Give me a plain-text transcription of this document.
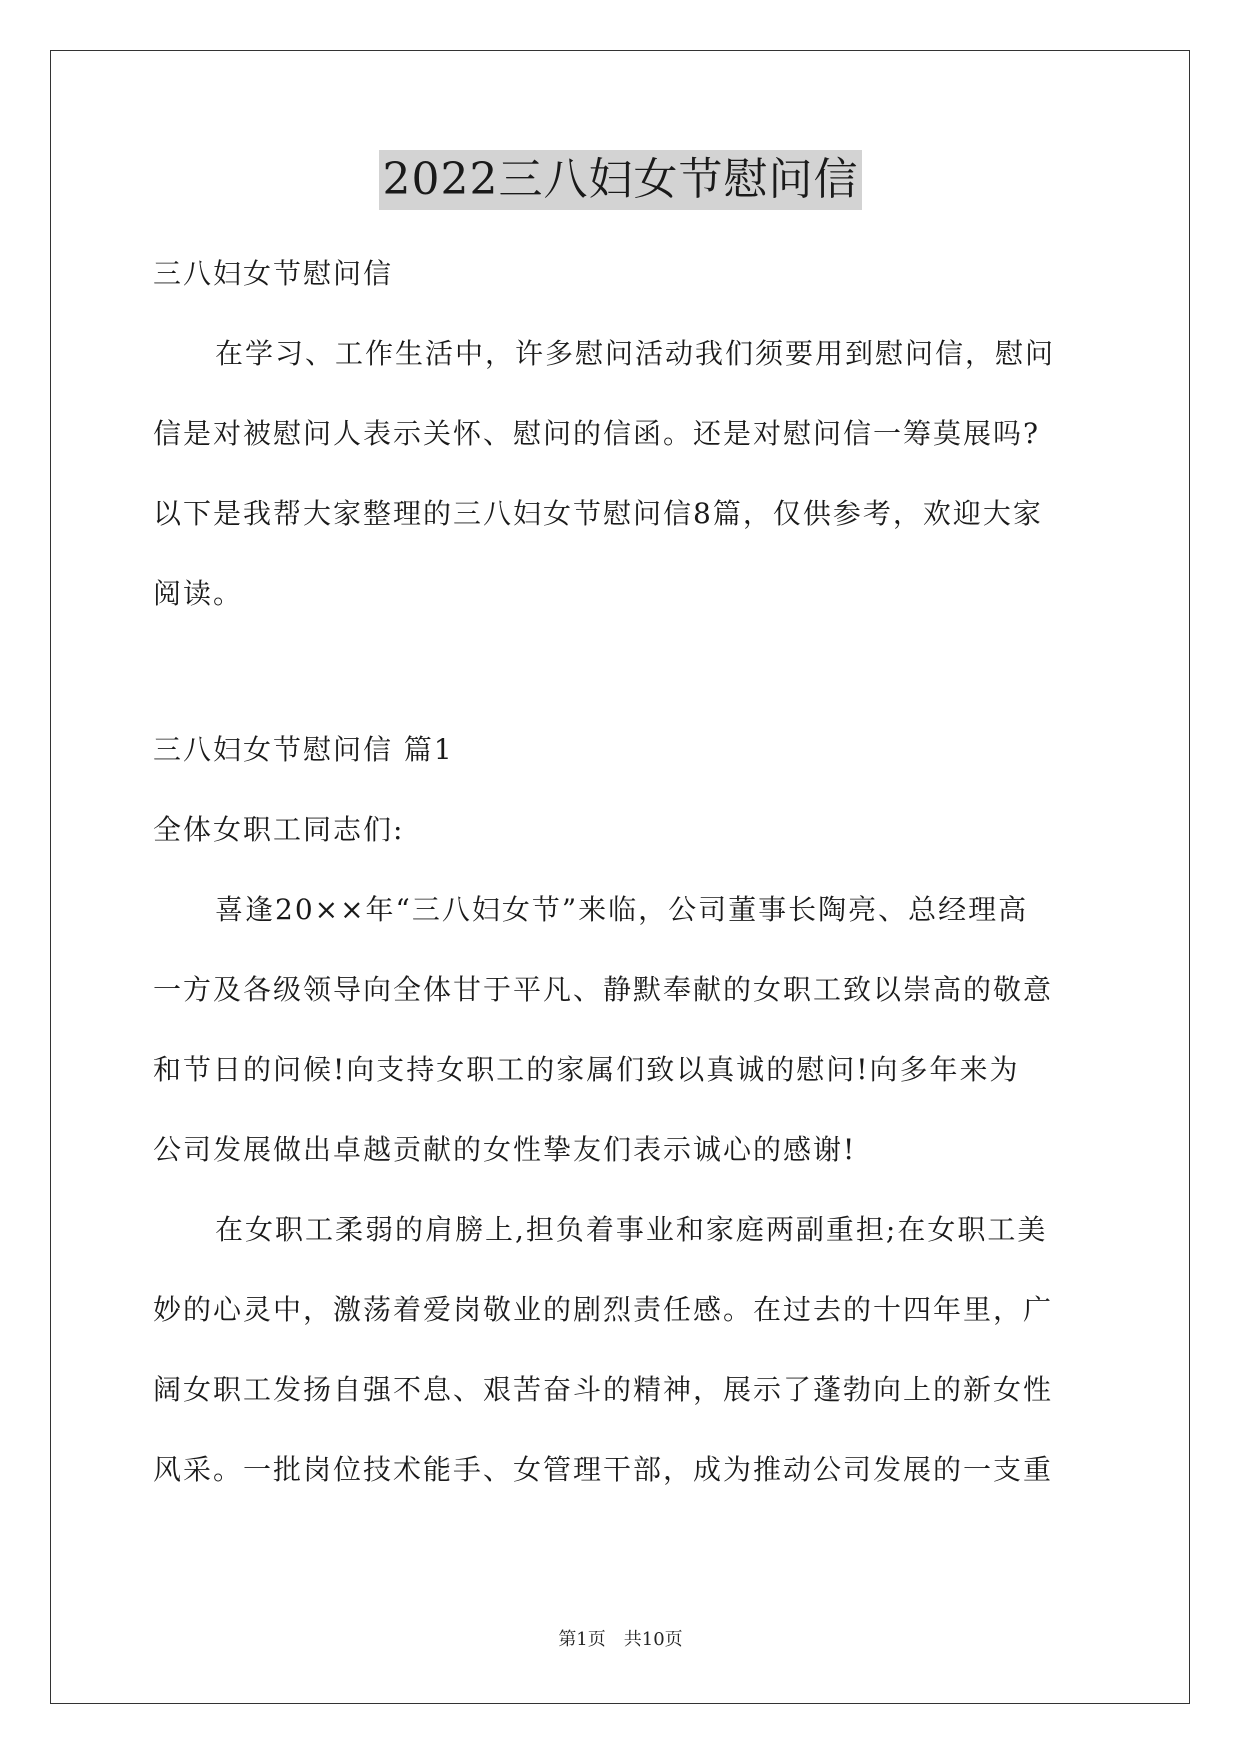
2022三八妇女节慰问信

三八妇女节慰问信

在学习、工作生活中，许多慰问活动我们须要用到慰问信，慰问

信是对被慰问人表示关怀、慰问的信函。还是对慰问信一筹莫展吗?

以下是我帮大家整理的三八妇女节慰问信8篇，仅供参考，欢迎大家

阅读。

三八妇女节慰问信 篇1

全体女职工同志们:

喜逢20××年“三八妇女节”来临，公司董事长陶亮、总经理高

一方及各级领导向全体甘于平凡、静默奉献的女职工致以崇高的敬意

和节日的问候!向支持女职工的家属们致以真诚的慰问!向多年来为

公司发展做出卓越贡献的女性挚友们表示诚心的感谢!

在女职工柔弱的肩膀上,担负着事业和家庭两副重担;在女职工美

妙的心灵中，激荡着爱岗敬业的剧烈责任感。在过去的十四年里，广

阔女职工发扬自强不息、艰苦奋斗的精神，展示了蓬勃向上的新女性

风采。一批岗位技术能手、女管理干部，成为推动公司发展的一支重

第1页　共10页
